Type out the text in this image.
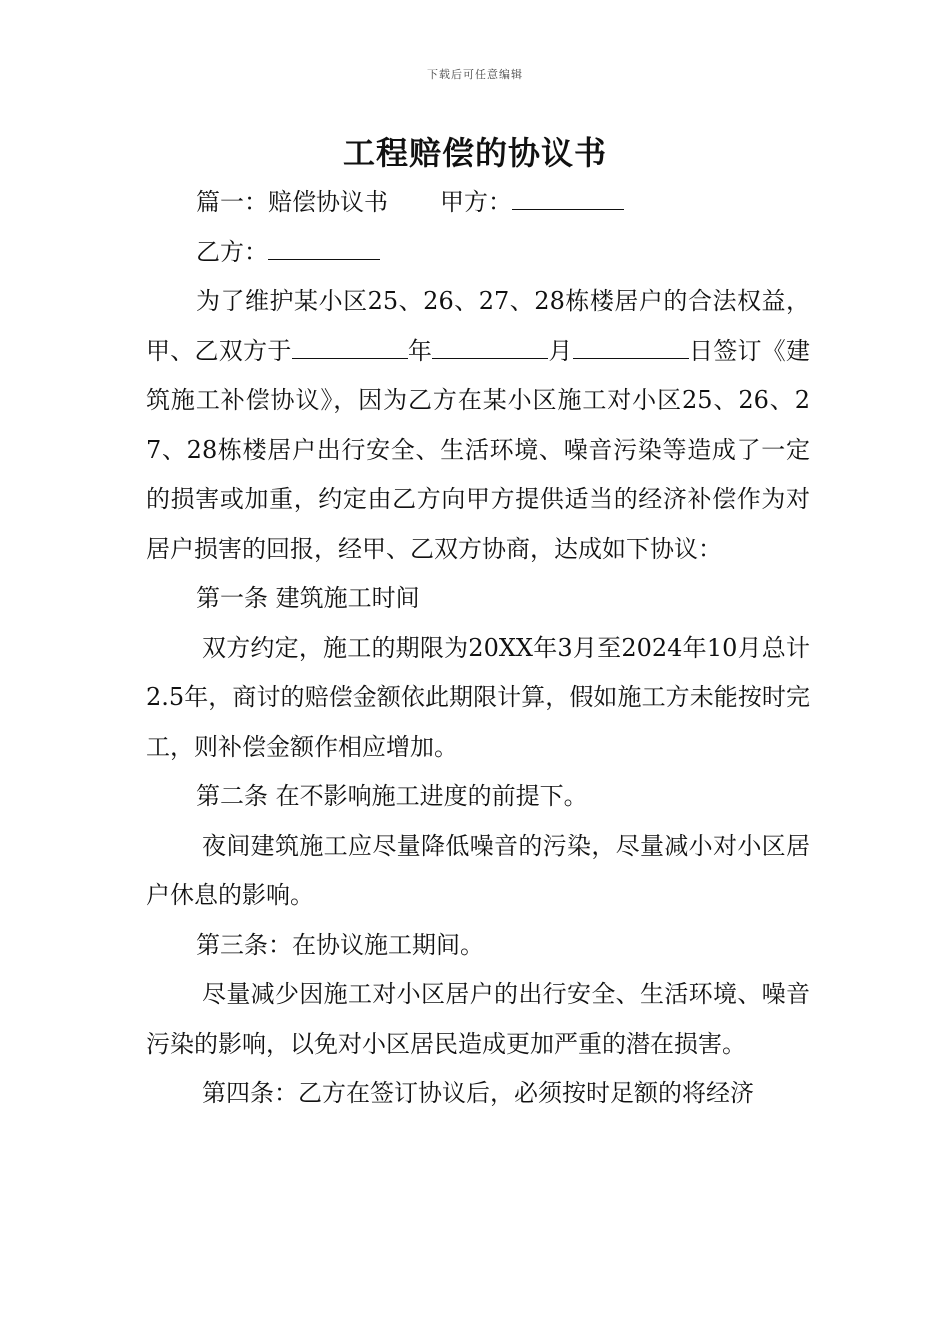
下载后可任意编辑
工程赔偿的协议书

篇一：赔偿协议书 甲方：

乙方：

为了维护某小区25、26、27、28栋楼居户的合法权益，甲、乙双方于	年	月	日签订《建筑施工补偿协议》，因为乙方在某小区施工对小区25、26、27、28栋楼居户出行安全、生活环境、噪音污染等造成了一定的损害或加重，约定由乙方向甲方提供适当的经济补偿作为对居户损害的回报，经甲、乙双方协商，达成如下协议：

第一条 建筑施工时间

双方约定，施工的期限为20XX年3月至2024年10月总计2.5年，商讨的赔偿金额依此期限计算，假如施工方未能按时完工，则补偿金额作相应增加。

第二条 在不影响施工进度的前提下。

夜间建筑施工应尽量降低噪音的污染，尽量减小对小区居户休息的影响。

第三条：在协议施工期间。

尽量减少因施工对小区居户的出行安全、生活环境、噪音污染的影响，以免对小区居民造成更加严重的潜在损害。

第四条：乙方在签订协议后，必须按时足额的将经济
